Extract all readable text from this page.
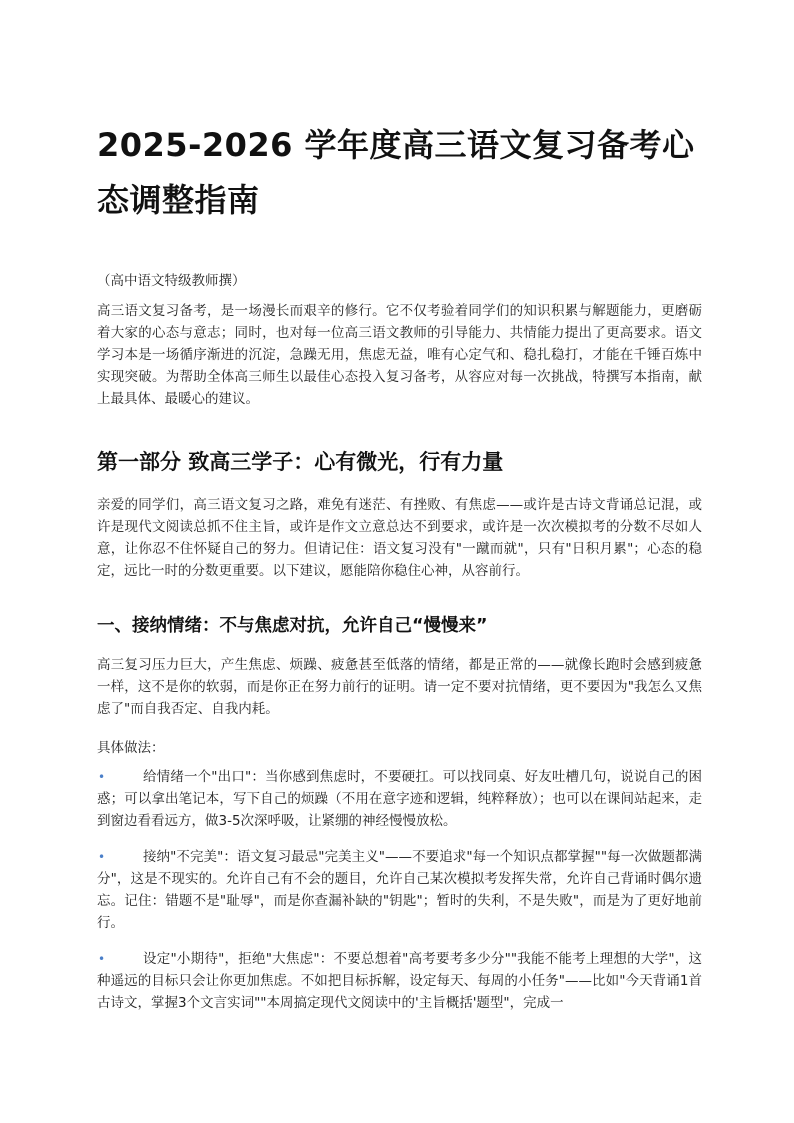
2025-2026 学年度高三语文复习备考心态调整指南
（高中语文特级教师撰）

高三语文复习备考，是一场漫长而艰辛的修行。它不仅考验着同学们的知识积累与解题能力，更磨砺着大家的心态与意志；同时，也对每一位高三语文教师的引导能力、共情能力提出了更高要求。语文学习本是一场循序渐进的沉淀，急躁无用，焦虑无益，唯有心定气和、稳扎稳打，才能在千锤百炼中实现突破。为帮助全体高三师生以最佳心态投入复习备考，从容应对每一次挑战，特撰写本指南，献上最具体、最暖心的建议。

第一部分 致高三学子：心有微光，行有力量

亲爱的同学们，高三语文复习之路，难免有迷茫、有挫败、有焦虑——或许是古诗文背诵总记混，或许是现代文阅读总抓不住主旨，或许是作文立意总达不到要求，或许是一次次模拟考的分数不尽如人意，让你忍不住怀疑自己的努力。但请记住：语文复习没有"一蹴而就"，只有"日积月累"；心态的稳定，远比一时的分数更重要。以下建议，愿能陪你稳住心神，从容前行。

一、接纳情绪：不与焦虑对抗，允许自己“慢慢来”

高三复习压力巨大，产生焦虑、烦躁、疲惫甚至低落的情绪，都是正常的——就像长跑时会感到疲惫一样，这不是你的软弱，而是你正在努力前行的证明。请一定不要对抗情绪，更不要因为"我怎么又焦虑了"而自我否定、自我内耗。

具体做法：

•	给情绪一个"出口"：当你感到焦虑时，不要硬扛。可以找同桌、好友吐槽几句，说说自己的困惑；可以拿出笔记本，写下自己的烦躁（不用在意字迹和逻辑，纯粹释放）；也可以在课间站起来，走到窗边看看远方，做3-5次深呼吸，让紧绷的神经慢慢放松。
•	接纳"不完美"：语文复习最忌"完美主义"——不要追求"每一个知识点都掌握""每一次做题都满分"，这是不现实的。允许自己有不会的题目，允许自己某次模拟考发挥失常，允许自己背诵时偶尔遗忘。记住：错题不是"耻辱"，而是你查漏补缺的"钥匙"；暂时的失利，不是失败"，而是为了更好地前行。
•	设定"小期待"，拒绝"大焦虑"：不要总想着"高考要考多少分""我能不能考上理想的大学"，这种遥远的目标只会让你更加焦虑。不如把目标拆解，设定每天、每周的小任务"——比如"今天背诵1首古诗文，掌握3个文言实词""本周搞定现代文阅读中的'主旨概括'题型"，完成一
